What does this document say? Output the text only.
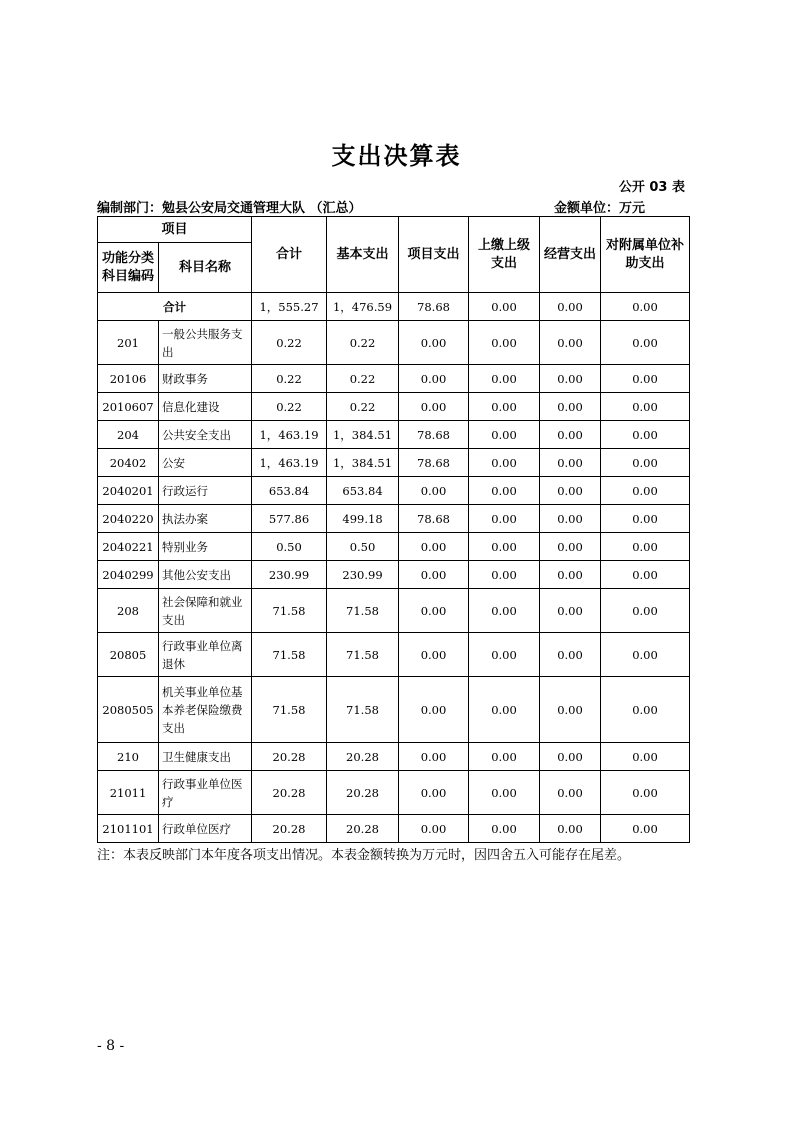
支出决算表
公开 03 表
编制部门：勉县公安局交通管理大队 （汇总）	金额单位：万元
项目		合计	基本支出	项目支出	上缴上级支出	经营支出	对附属单位补助支出
功能分类科目编码	科目名称						
合计		1，555.27	1，476.59	78.68	0.00	0.00	0.00
201	一般公共服务支出	0.22	0.22	0.00	0.00	0.00	0.00
20106	财政事务	0.22	0.22	0.00	0.00	0.00	0.00
2010607	信息化建设	0.22	0.22	0.00	0.00	0.00	0.00
204	公共安全支出	1，463.19	1，384.51	78.68	0.00	0.00	0.00
20402	公安	1，463.19	1，384.51	78.68	0.00	0.00	0.00
2040201	行政运行	653.84	653.84	0.00	0.00	0.00	0.00
2040220	执法办案	577.86	499.18	78.68	0.00	0.00	0.00
2040221	特别业务	0.50	0.50	0.00	0.00	0.00	0.00
2040299	其他公安支出	230.99	230.99	0.00	0.00	0.00	0.00
208	社会保障和就业支出	71.58	71.58	0.00	0.00	0.00	0.00
20805	行政事业单位离退休	71.58	71.58	0.00	0.00	0.00	0.00
2080505	机关事业单位基本养老保险缴费支出	71.58	71.58	0.00	0.00	0.00	0.00
210	卫生健康支出	20.28	20.28	0.00	0.00	0.00	0.00
21011	行政事业单位医疗	20.28	20.28	0.00	0.00	0.00	0.00
2101101	行政单位医疗	20.28	20.28	0.00	0.00	0.00	0.00
注：本表反映部门本年度各项支出情况。本表金额转换为万元时，因四舍五入可能存在尾差。
- 8 -
